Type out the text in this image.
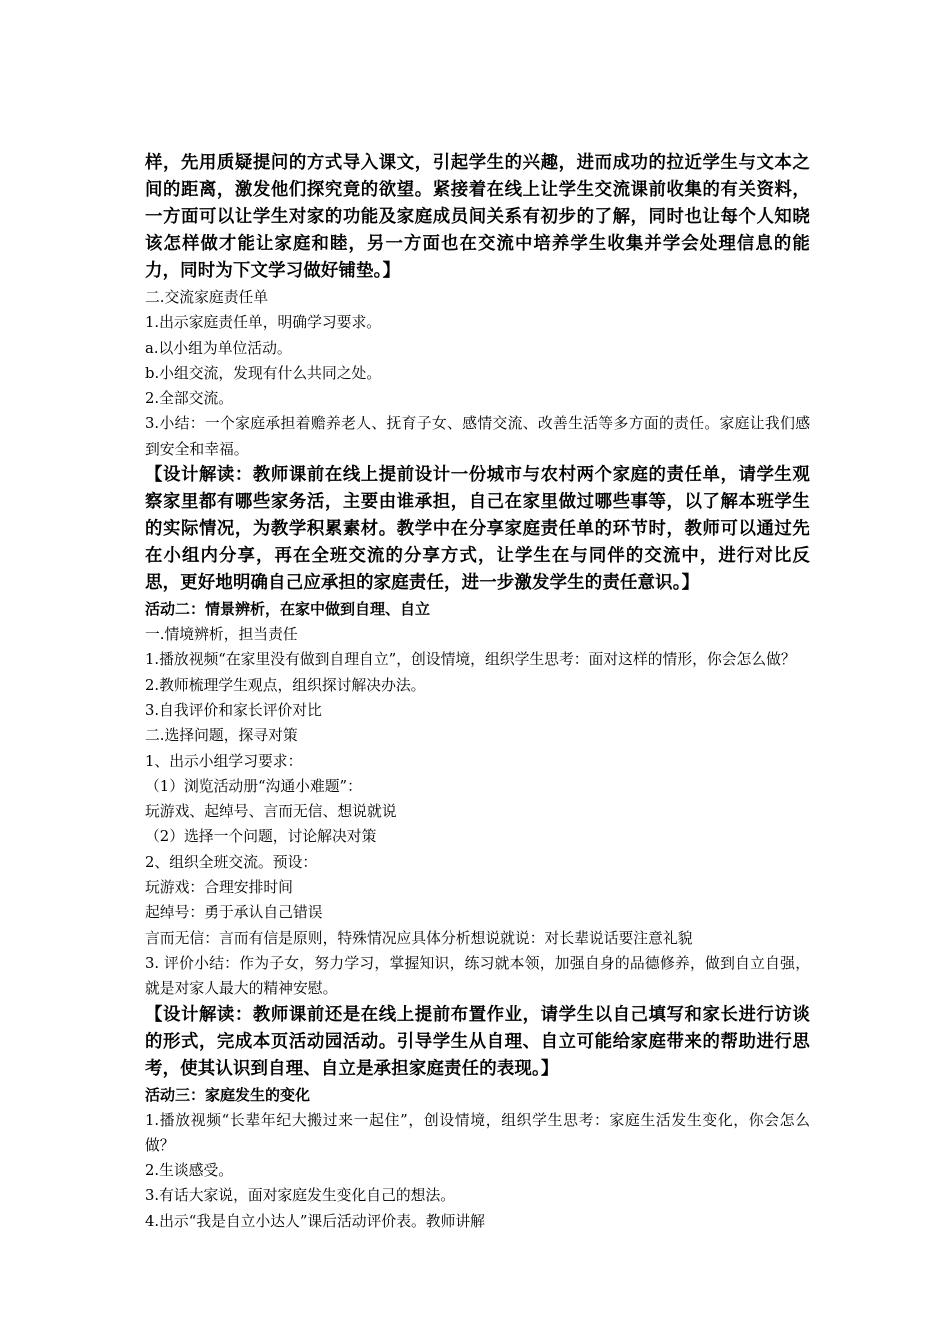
样，先用质疑提问的方式导入课文，引起学生的兴趣，进而成功的拉近学生与文本之间的距离，激发他们探究竟的欲望。紧接着在线上让学生交流课前收集的有关资料，一方面可以让学生对家的功能及家庭成员间关系有初步的了解，同时也让每个人知晓该怎样做才能让家庭和睦，另一方面也在交流中培养学生收集并学会处理信息的能力，同时为下文学习做好铺垫。】

二.交流家庭责任单

1.出示家庭责任单，明确学习要求。

a.以小组为单位活动。

b.小组交流，发现有什么共同之处。

2.全部交流。

3.小结：一个家庭承担着赡养老人、抚育子女、感情交流、改善生活等多方面的责任。家庭让我们感到安全和幸福。

【设计解读：教师课前在线上提前设计一份城市与农村两个家庭的责任单，请学生观察家里都有哪些家务活，主要由谁承担，自己在家里做过哪些事等，以了解本班学生的实际情况，为教学积累素材。教学中在分享家庭责任单的环节时，教师可以通过先在小组内分享，再在全班交流的分享方式，让学生在与同伴的交流中，进行对比反思，更好地明确自己应承担的家庭责任，进一步激发学生的责任意识。】

活动二：情景辨析，在家中做到自理、自立

一.情境辨析，担当责任

1.播放视频“在家里没有做到自理自立”，创设情境，组织学生思考：面对这样的情形，你会怎么做？

2.教师梳理学生观点，组织探讨解决办法。

3.自我评价和家长评价对比

二.选择问题，探寻对策

1、出示小组学习要求：

（1）浏览活动册“沟通小难题”：

玩游戏、起绰号、言而无信、想说就说

（2）选择一个问题，讨论解决对策

2、组织全班交流。预设：

玩游戏：合理安排时间

起绰号：勇于承认自己错误

言而无信：言而有信是原则，特殊情况应具体分析想说就说：对长辈说话要注意礼貌

3. 评价小结：作为子女，努力学习，掌握知识，练习就本领，加强自身的品德修养，做到自立自强，就是对家人最大的精神安慰。

【设计解读：教师课前还是在线上提前布置作业，请学生以自己填写和家长进行访谈的形式，完成本页活动园活动。引导学生从自理、自立可能给家庭带来的帮助进行思考，使其认识到自理、自立是承担家庭责任的表现。】

活动三：家庭发生的变化

1.播放视频“长辈年纪大搬过来一起住”，创设情境，组织学生思考：家庭生活发生变化，你会怎么做？

2.生谈感受。

3.有话大家说，面对家庭发生变化自己的想法。

4.出示“我是自立小达人”课后活动评价表。教师讲解
